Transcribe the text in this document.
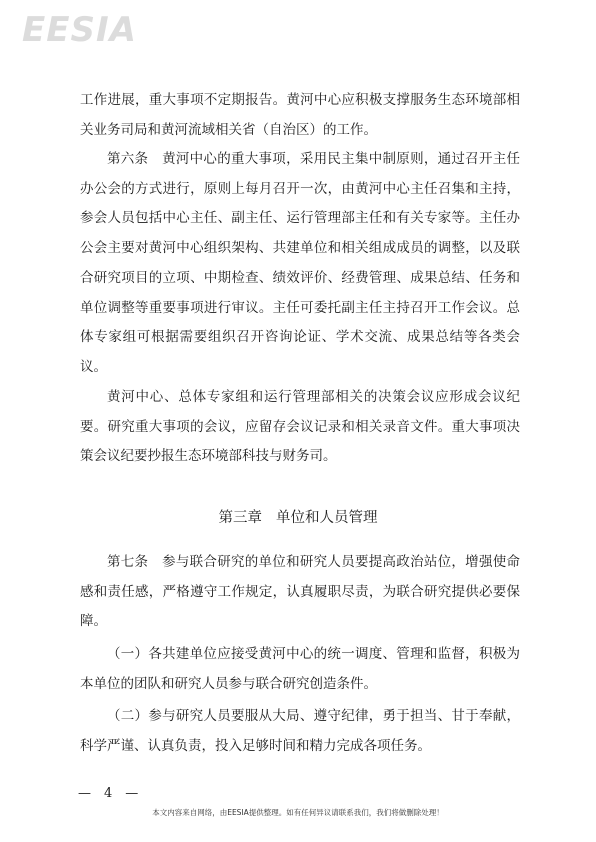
EESIA

工作进展，重大事项不定期报告。黄河中心应积极支撑服务生态环境部相关业务司局和黄河流域相关省（自治区）的工作。

第六条　黄河中心的重大事项，采用民主集中制原则，通过召开主任办公会的方式进行，原则上每月召开一次，由黄河中心主任召集和主持，参会人员包括中心主任、副主任、运行管理部主任和有关专家等。主任办公会主要对黄河中心组织架构、共建单位和相关组成成员的调整，以及联合研究项目的立项、中期检查、绩效评价、经费管理、成果总结、任务和单位调整等重要事项进行审议。主任可委托副主任主持召开工作会议。总体专家组可根据需要组织召开咨询论证、学术交流、成果总结等各类会议。

黄河中心、总体专家组和运行管理部相关的决策会议应形成会议纪要。研究重大事项的会议，应留存会议记录和相关录音文件。重大事项决策会议纪要抄报生态环境部科技与财务司。

第三章 单位和人员管理

第七条　参与联合研究的单位和研究人员要提高政治站位，增强使命感和责任感，严格遵守工作规定，认真履职尽责，为联合研究提供必要保障。

（一）各共建单位应接受黄河中心的统一调度、管理和监督，积极为本单位的团队和研究人员参与联合研究创造条件。

（二）参与研究人员要服从大局、遵守纪律，勇于担当、甘于奉献，科学严谨、认真负责，投入足够时间和精力完成各项任务。

—　4　—
本文内容来自网络，由EESIA提供整理。如有任何异议请联系我们，我们将做删除处理！
